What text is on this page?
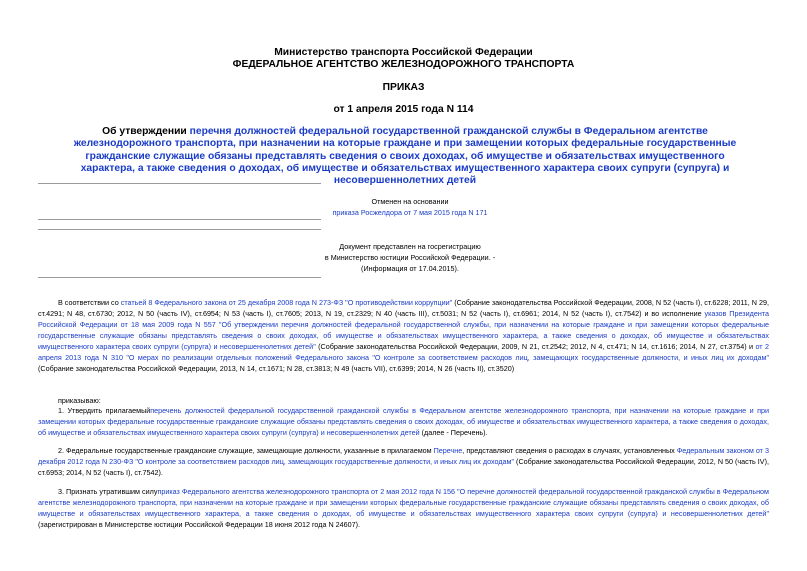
Министерство транспорта Российской Федерации
ФЕДЕРАЛЬНОЕ АГЕНТСТВО ЖЕЛЕЗНОДОРОЖНОГО ТРАНСПОРТА
ПРИКАЗ
от 1 апреля 2015 года N 114
Об утверждении перечня должностей федеральной государственной гражданской службы в Федеральном агентстве железнодорожного транспорта, при назначении на которые граждане и при замещении которых федеральные государственные гражданские служащие обязаны представлять сведения о своих доходах, об имуществе и обязательствах имущественного характера, а также сведения о доходах, об имуществе и обязательствах имущественного характера своих супруги (супруга) и несовершеннолетних детей
Отменен на основании
приказа Росжелдора от 7 мая 2015 года N 171
Документ представлен на госрегистрацию
в Министерство юстиции Российской Федерации. -
(Информация от 17.04.2015).
В соответствии со статьей 8 Федерального закона от 25 декабря 2008 года N 273-ФЗ "О противодействии коррупции" (Собрание законодательства Российской Федерации, 2008, N 52 (часть I), ст.6228; 2011, N 29, ст.4291; N 48, ст.6730; 2012, N 50 (часть IV), ст.6954; N 53 (часть I), ст.7605; 2013, N 19, ст.2329; N 40 (часть III), ст.5031; N 52 (часть I), ст.6961; 2014, N 52 (часть I), ст.7542) и во исполнение указов Президента Российской Федерации от 18 мая 2009 года N 557 "Об утверждении перечня должностей федеральной государственной службы, при назначении на которые граждане и при замещении которых федеральные государственные служащие обязаны представлять сведения о своих доходах, об имуществе и обязательствах имущественного характера, а также сведения о доходах, об имуществе и обязательствах имущественного характера своих супруги (супруга) и несовершеннолетних детей" (Собрание законодательства Российской Федерации, 2009, N 21, ст.2542; 2012, N 4, ст.471; N 14, ст.1616; 2014, N 27, ст.3754) и от 2 апреля 2013 года N 310 "О мерах по реализации отдельных положений Федерального закона "О контроле за соответствием расходов лиц, замещающих государственные должности, и иных лиц их доходам" (Собрание законодательства Российской Федерации, 2013, N 14, ст.1671; N 28, ст.3813; N 49 (часть VII), ст.6399; 2014, N 26 (часть II), ст.3520)
приказываю:
1. Утвердить прилагаемыйперечень должностей федеральной государственной гражданской службы в Федеральном агентстве железнодорожного транспорта, при назначении на которые граждане и при замещении которых федеральные государственные гражданские служащие обязаны представлять сведения о своих доходах, об имуществе и обязательствах имущественного характера, а также сведения о доходах, об имуществе и обязательствах имущественного характера своих супруги (супруга) и несовершеннолетних детей (далее - Перечень).
2. Федеральные государственные гражданские служащие, замещающие должности, указанные в прилагаемом Перечне, представляют сведения о расходах в случаях, установленных Федеральным законом от 3 декабря 2012 года N 230-ФЗ "О контроле за соответствием расходов лиц, замещающих государственные должности, и иных лиц их доходам" (Собрание законодательства Российской Федерации, 2012, N 50 (часть IV), ст.6953; 2014, N 52 (часть I), ст.7542).
3. Признать утратившим силуприказ Федерального агентства железнодорожного транспорта от 2 мая 2012 года N 156 "О перечне должностей федеральной государственной гражданской службы в Федеральном агентстве железнодорожного транспорта, при назначении на которые граждане и при замещении которых федеральные государственные гражданские служащие обязаны представлять сведения о своих доходах, об имуществе и обязательствах имущественного характера, а также сведения о доходах, об имуществе и обязательствах имущественного характера своих супруги (супруга) и несовершеннолетних детей" (зарегистрирован в Министерстве юстиции Российской Федерации 18 июня 2012 года N 24607).
